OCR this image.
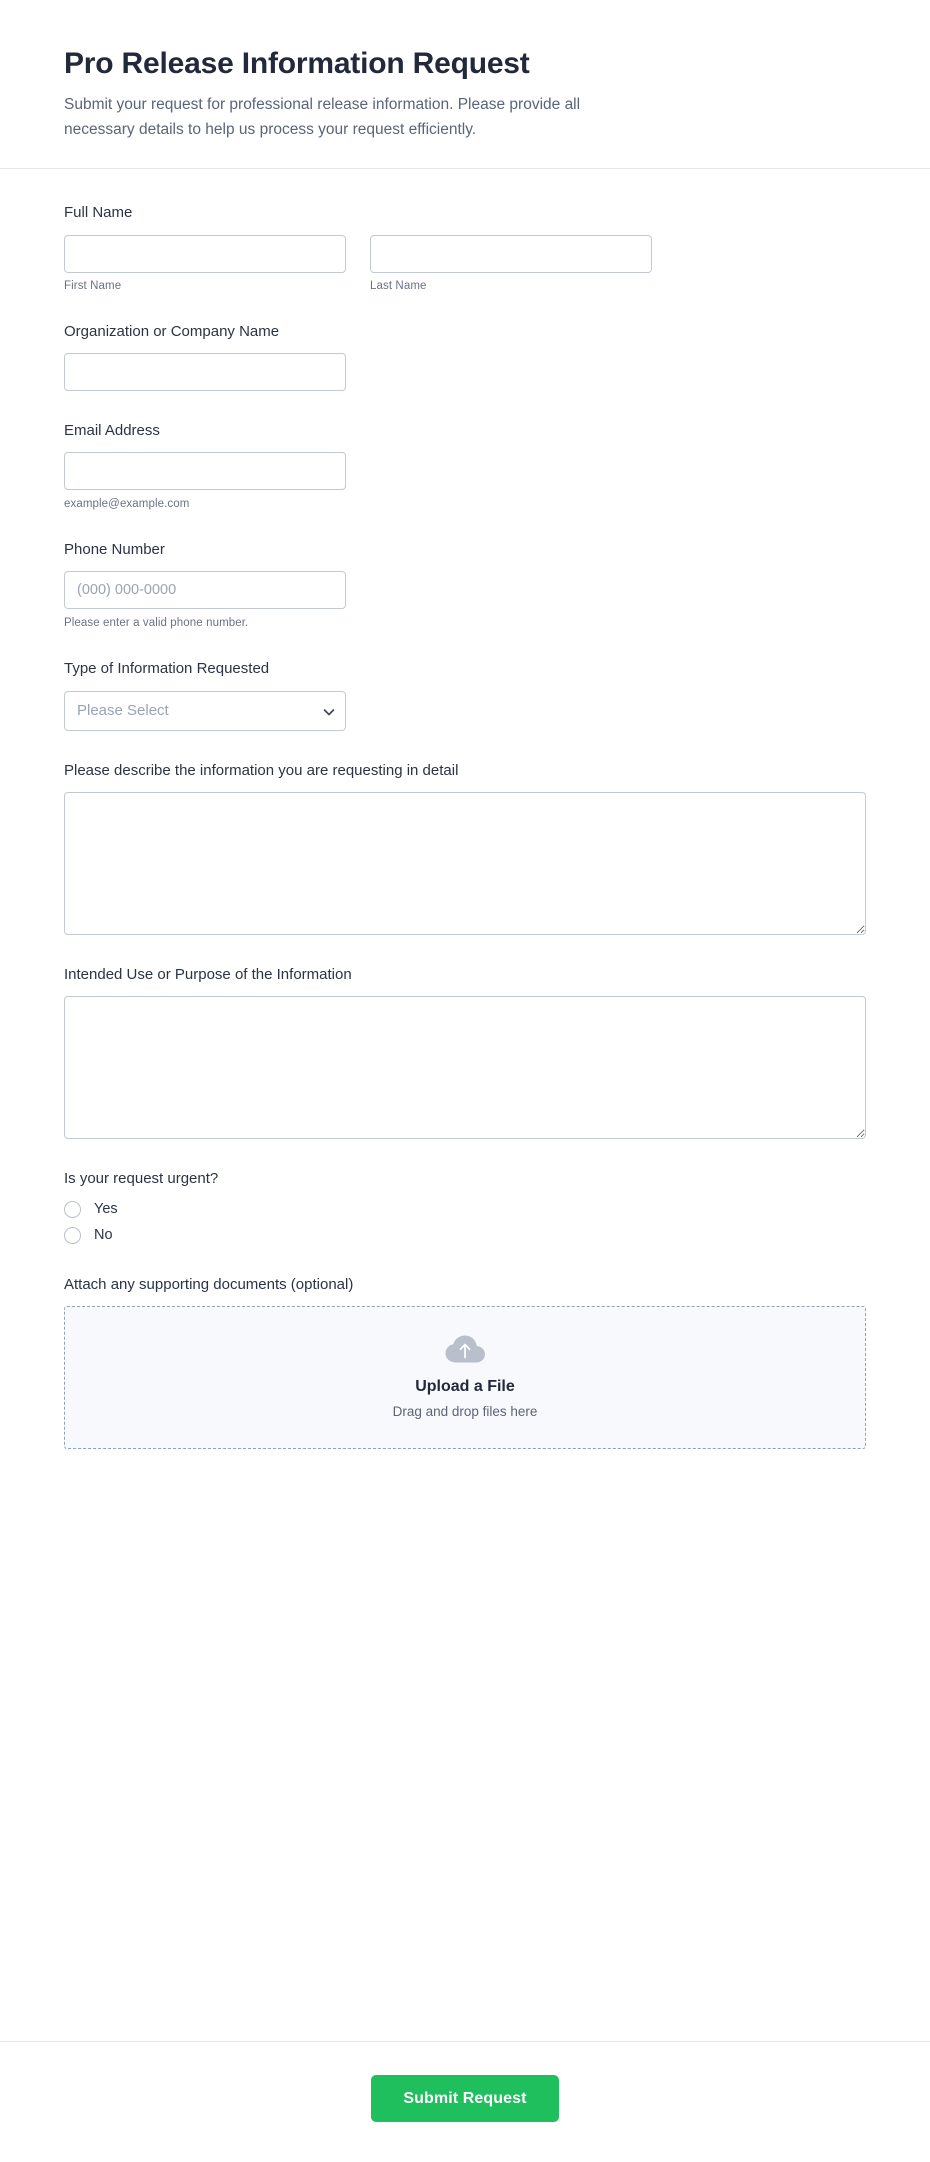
Pro Release Information Request

Submit your request for professional release information. Please provide all necessary details to help us process your request efficiently.

Full Name
First Name	Last Name
Organization or Company Name
Email Address
example@example.com
Phone Number
(000) 000-0000
Please enter a valid phone number.
Type of Information Requested
Please Select
Please describe the information you are requesting in detail
Intended Use or Purpose of the Information
Is your request urgent?
Yes
No
Attach any supporting documents (optional)
Upload a File
Drag and drop files here
Submit Request
